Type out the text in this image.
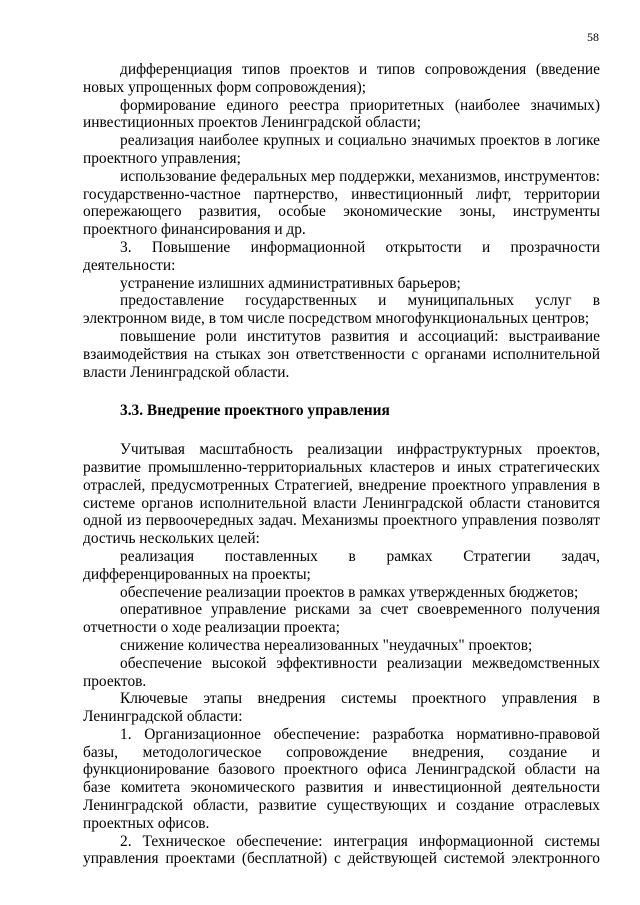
58

дифференциация типов проектов и типов сопровождения (введение новых упрощенных форм сопровождения);

формирование единого реестра приоритетных (наиболее значимых) инвестиционных проектов Ленинградской области;

реализация наиболее крупных и социально значимых проектов в логике проектного управления;

использование федеральных мер поддержки, механизмов, инструментов: государственно-частное партнерство, инвестиционный лифт, территории опережающего развития, особые экономические зоны, инструменты проектного финансирования и др.

3. Повышение информационной открытости и прозрачности деятельности:

устранение излишних административных барьеров;

предоставление государственных и муниципальных услуг в электронном виде, в том числе посредством многофункциональных центров;

повышение роли институтов развития и ассоциаций: выстраивание взаимодействия на стыках зон ответственности с органами исполнительной власти Ленинградской области.

3.3. Внедрение проектного управления

Учитывая масштабность реализации инфраструктурных проектов, развитие промышленно-территориальных кластеров и иных стратегических отраслей, предусмотренных Стратегией, внедрение проектного управления в системе органов исполнительной власти Ленинградской области становится одной из первоочередных задач. Механизмы проектного управления позволят достичь нескольких целей:

реализация поставленных в рамках Стратегии задач, дифференцированных на проекты;

обеспечение реализации проектов в рамках утвержденных бюджетов;

оперативное управление рисками за счет своевременного получения отчетности о ходе реализации проекта;

снижение количества нереализованных "неудачных" проектов;

обеспечение высокой эффективности реализации межведомственных проектов.

Ключевые этапы внедрения системы проектного управления в Ленинградской области:

1. Организационное обеспечение: разработка нормативно-правовой базы, методологическое сопровождение внедрения, создание и функционирование базового проектного офиса Ленинградской области на базе комитета экономического развития и инвестиционной деятельности Ленинградской области, развитие существующих и создание отраслевых проектных офисов.

2. Техническое обеспечение: интеграция информационной системы управления проектами (бесплатной) с действующей системой электронного
